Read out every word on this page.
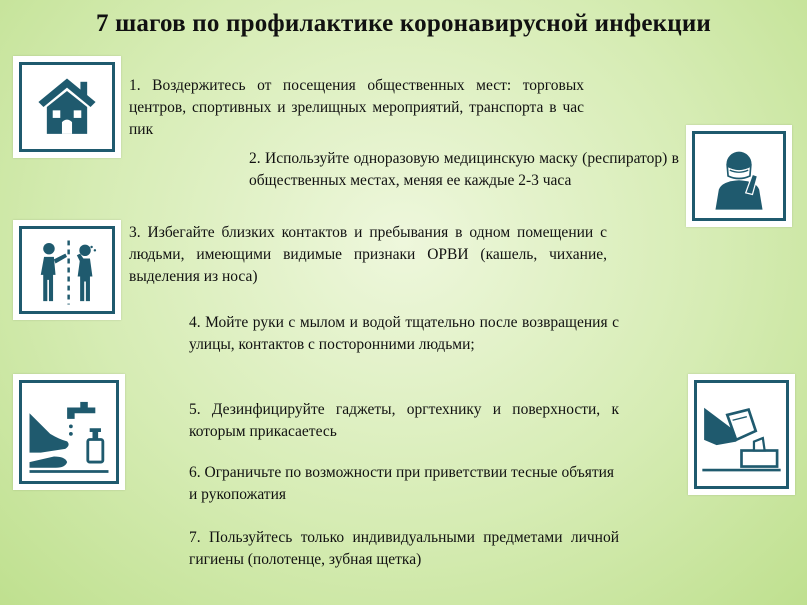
7 шагов по профилактике коронавирусной инфекции
1. Воздержитесь от посещения общественных мест: торговых центров, спортивных и зрелищных мероприятий, транспорта в час пик
2. Используйте одноразовую медицинскую маску (респиратор) в общественных местах, меняя ее каждые 2-3 часа
3. Избегайте близких контактов и пребывания в одном помещении с людьми, имеющими видимые признаки ОРВИ (кашель, чихание, выделения из носа)
4. Мойте руки с мылом и водой тщательно после возвращения с улицы, контактов с посторонними людьми;
5. Дезинфицируйте гаджеты, оргтехнику и поверхности, к которым прикасаетесь
6. Ограничьте по возможности при приветствии тесные объятия и рукопожатия
7. Пользуйтесь только индивидуальными предметами личной гигиены (полотенце, зубная щетка)
